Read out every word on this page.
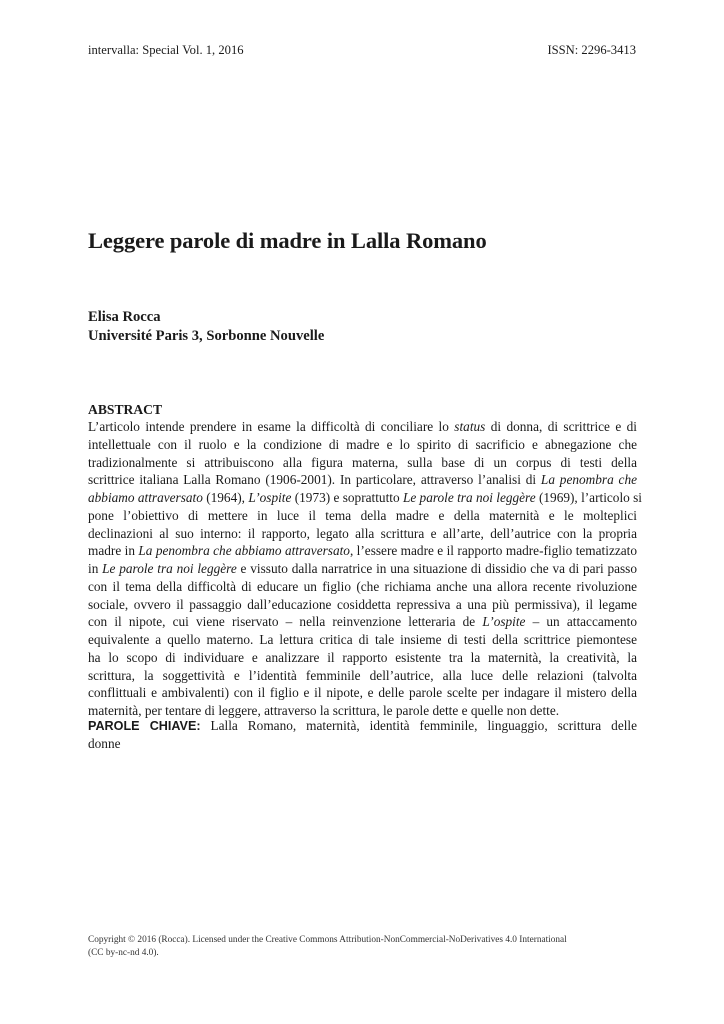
intervalla: Special Vol. 1, 2016	ISSN: 2296-3413
Leggere parole di madre in Lalla Romano
Elisa Rocca
Université Paris 3, Sorbonne Nouvelle
ABSTRACT

L’articolo intende prendere in esame la difficoltà di conciliare lo status di donna, di scrittrice e di
intellettuale con il ruolo e la condizione di madre e lo spirito di sacrificio e abnegazione che
tradizionalmente si attribuiscono alla figura materna, sulla base di un corpus di testi della
scrittrice italiana Lalla Romano (1906-2001). In particolare, attraverso l’analisi di La penombra che
abbiamo attraversato (1964), L’ospite (1973) e soprattutto Le parole tra noi leggère (1969), l’articolo si
pone l’obiettivo di mettere in luce il tema della madre e della maternità e le molteplici
declinazioni al suo interno: il rapporto, legato alla scrittura e all’arte, dell’autrice con la propria
madre in La penombra che abbiamo attraversato, l’essere madre e il rapporto madre-figlio tematizzato
in Le parole tra noi leggère e vissuto dalla narratrice in una situazione di dissidio che va di pari passo
con il tema della difficoltà di educare un figlio (che richiama anche una allora recente rivoluzione
sociale, ovvero il passaggio dall’educazione cosiddetta repressiva a una più permissiva), il legame
con il nipote, cui viene riservato – nella reinvenzione letteraria de L’ospite – un attaccamento
equivalente a quello materno. La lettura critica di tale insieme di testi della scrittrice piemontese
ha lo scopo di individuare e analizzare il rapporto esistente tra la maternità, la creatività, la
scrittura, la soggettività e l’identità femminile dell’autrice, alla luce delle relazioni (talvolta
conflittuali e ambivalenti) con il figlio e il nipote, e delle parole scelte per indagare il mistero della
maternità, per tentare di leggere, attraverso la scrittura, le parole dette e quelle non dette.

PAROLE CHIAVE: Lalla Romano, maternità, identità femminile, linguaggio, scrittura delle
donne

Copyright © 2016 (Rocca). Licensed under the Creative Commons Attribution-NonCommercial-NoDerivatives 4.0 International
(CC by-nc-nd 4.0).
